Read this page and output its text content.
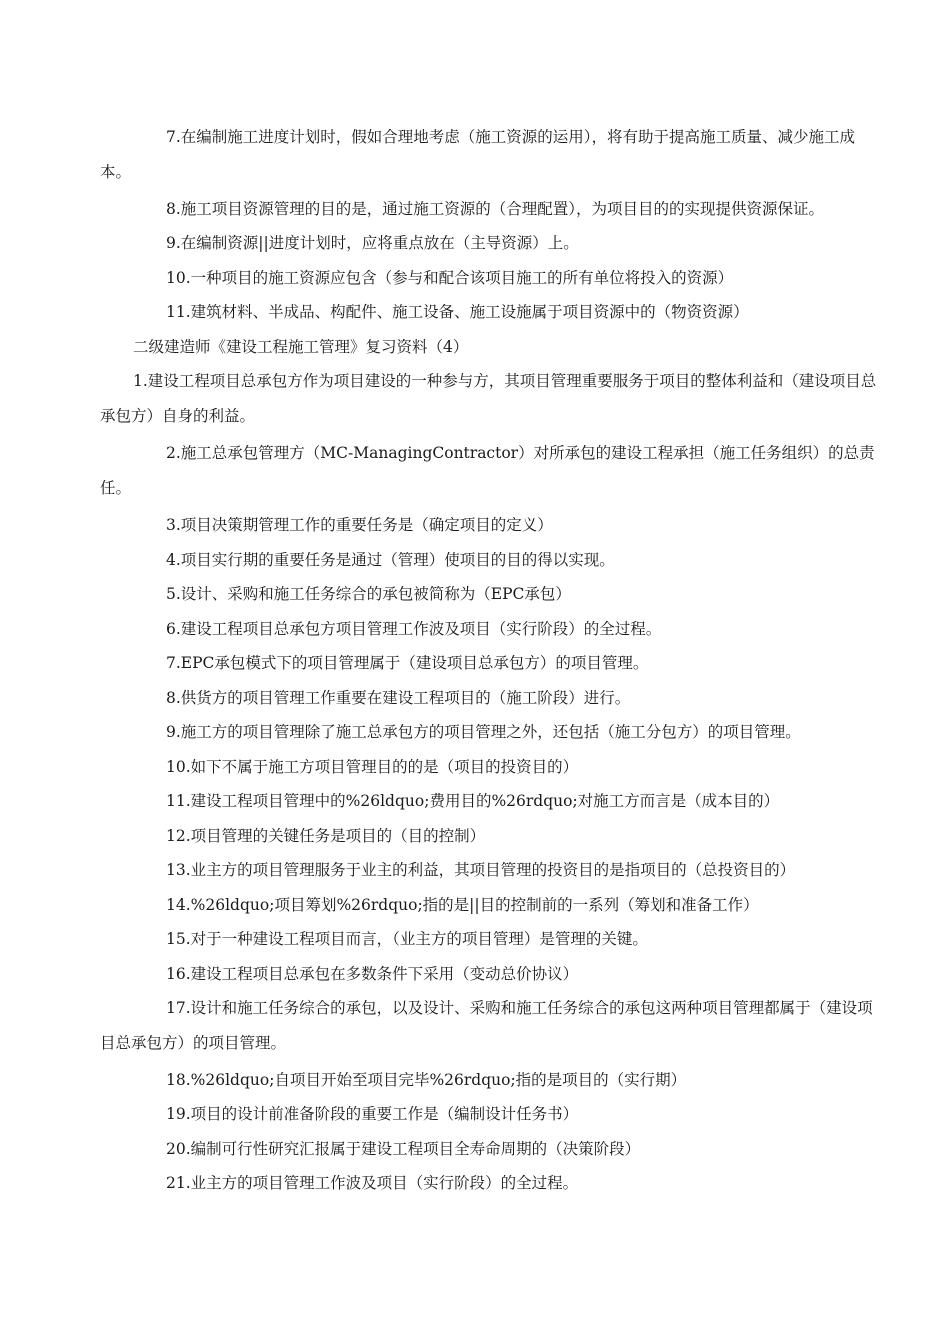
7.在编制施工进度计划时，假如合理地考虑（施工资源的运用），将有助于提高施工质量、减少施工成本。

8.施工项目资源管理的目的是，通过施工资源的（合理配置），为项目目的的实现提供资源保证。

9.在编制资源||进度计划时，应将重点放在（主导资源）上。

10.一种项目的施工资源应包含（参与和配合该项目施工的所有单位将投入的资源）

11.建筑材料、半成品、构配件、施工设备、施工设施属于项目资源中的（物资资源）

二级建造师《建设工程施工管理》复习资料（4）

1.建设工程项目总承包方作为项目建设的一种参与方，其项目管理重要服务于项目的整体利益和（建设项目总承包方）自身的利益。

2.施工总承包管理方（MC-ManagingContractor）对所承包的建设工程承担（施工任务组织）的总责任。

3.项目决策期管理工作的重要任务是（确定项目的定义）

4.项目实行期的重要任务是通过（管理）使项目的目的得以实现。

5.设计、采购和施工任务综合的承包被简称为（EPC承包）

6.建设工程项目总承包方项目管理工作波及项目（实行阶段）的全过程。

7.EPC承包模式下的项目管理属于（建设项目总承包方）的项目管理。

8.供货方的项目管理工作重要在建设工程项目的（施工阶段）进行。

9.施工方的项目管理除了施工总承包方的项目管理之外，还包括（施工分包方）的项目管理。

10.如下不属于施工方项目管理目的的是（项目的投资目的）

11.建设工程项目管理中的%26ldquo;费用目的%26rdquo;对施工方而言是（成本目的）

12.项目管理的关键任务是项目的（目的控制）

13.业主方的项目管理服务于业主的利益，其项目管理的投资目的是指项目的（总投资目的）

14.%26ldquo;项目筹划%26rdquo;指的是||目的控制前的一系列（筹划和准备工作）

15.对于一种建设工程项目而言，（业主方的项目管理）是管理的关键。

16.建设工程项目总承包在多数条件下采用（变动总价协议）

17.设计和施工任务综合的承包，以及设计、采购和施工任务综合的承包这两种项目管理都属于（建设项目总承包方）的项目管理。

18.%26ldquo;自项目开始至项目完毕%26rdquo;指的是项目的（实行期）

19.项目的设计前准备阶段的重要工作是（编制设计任务书）

20.编制可行性研究汇报属于建设工程项目全寿命周期的（决策阶段）

21.业主方的项目管理工作波及项目（实行阶段）的全过程。
